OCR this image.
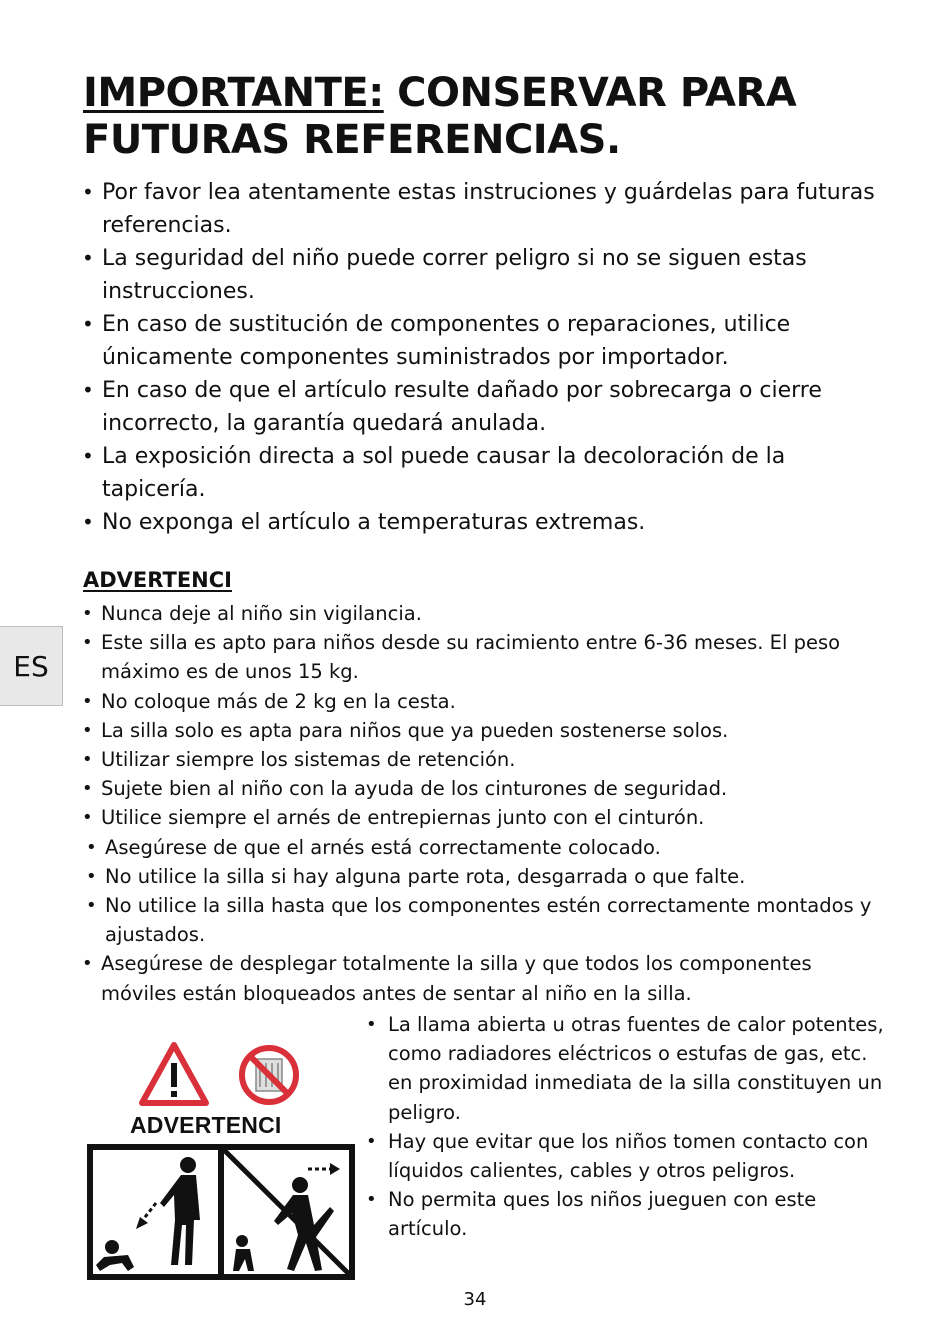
IMPORTANTE: CONSERVAR PARA
FUTURAS REFERENCIAS.
• Por favor lea atentamente estas instruciones y guárdelas para futuras referencias.
• La seguridad del niño puede correr peligro si no se siguen estas instrucciones.
• En caso de sustitución de componentes o reparaciones, utilice únicamente componentes suministrados por importador.
• En caso de que el artículo resulte dañado por sobrecarga o cierre incorrecto, la garantía quedará anulada.
• La exposición directa a sol puede causar la decoloración de la tapicería.
• No exponga el artículo a temperaturas extremas.
ADVERTENCI
• Nunca deje al niño sin vigilancia.
• Este silla es apto para niños desde su racimiento entre 6-36 meses. El peso máximo es de unos 15 kg.
• No coloque más de 2 kg en la cesta.
• La silla solo es apta para niños que ya pueden sostenerse solos.
• Utilizar siempre los sistemas de retención.
• Sujete bien al niño con la ayuda de los cinturones de seguridad.
• Utilice siempre el arnés de entrepiernas junto con el cinturón.
• Asegúrese de que el arnés está correctamente colocado.
• No utilice la silla si hay alguna parte rota, desgarrada o que falte.
• No utilice la silla hasta que los componentes estén correctamente montados y ajustados.
• Asegúrese de desplegar totalmente la silla y que todos los componentes móviles están bloqueados antes de sentar al niño en la silla.
ES
ADVERTENCI
• La llama abierta u otras fuentes de calor potentes, como radiadores eléctricos o estufas de gas, etc. en proximidad inmediata de la silla constituyen un peligro.
• Hay que evitar que los niños tomen contacto con líquidos calientes, cables y otros peligros.
• No permita ques los niños jueguen con este artículo.
34
